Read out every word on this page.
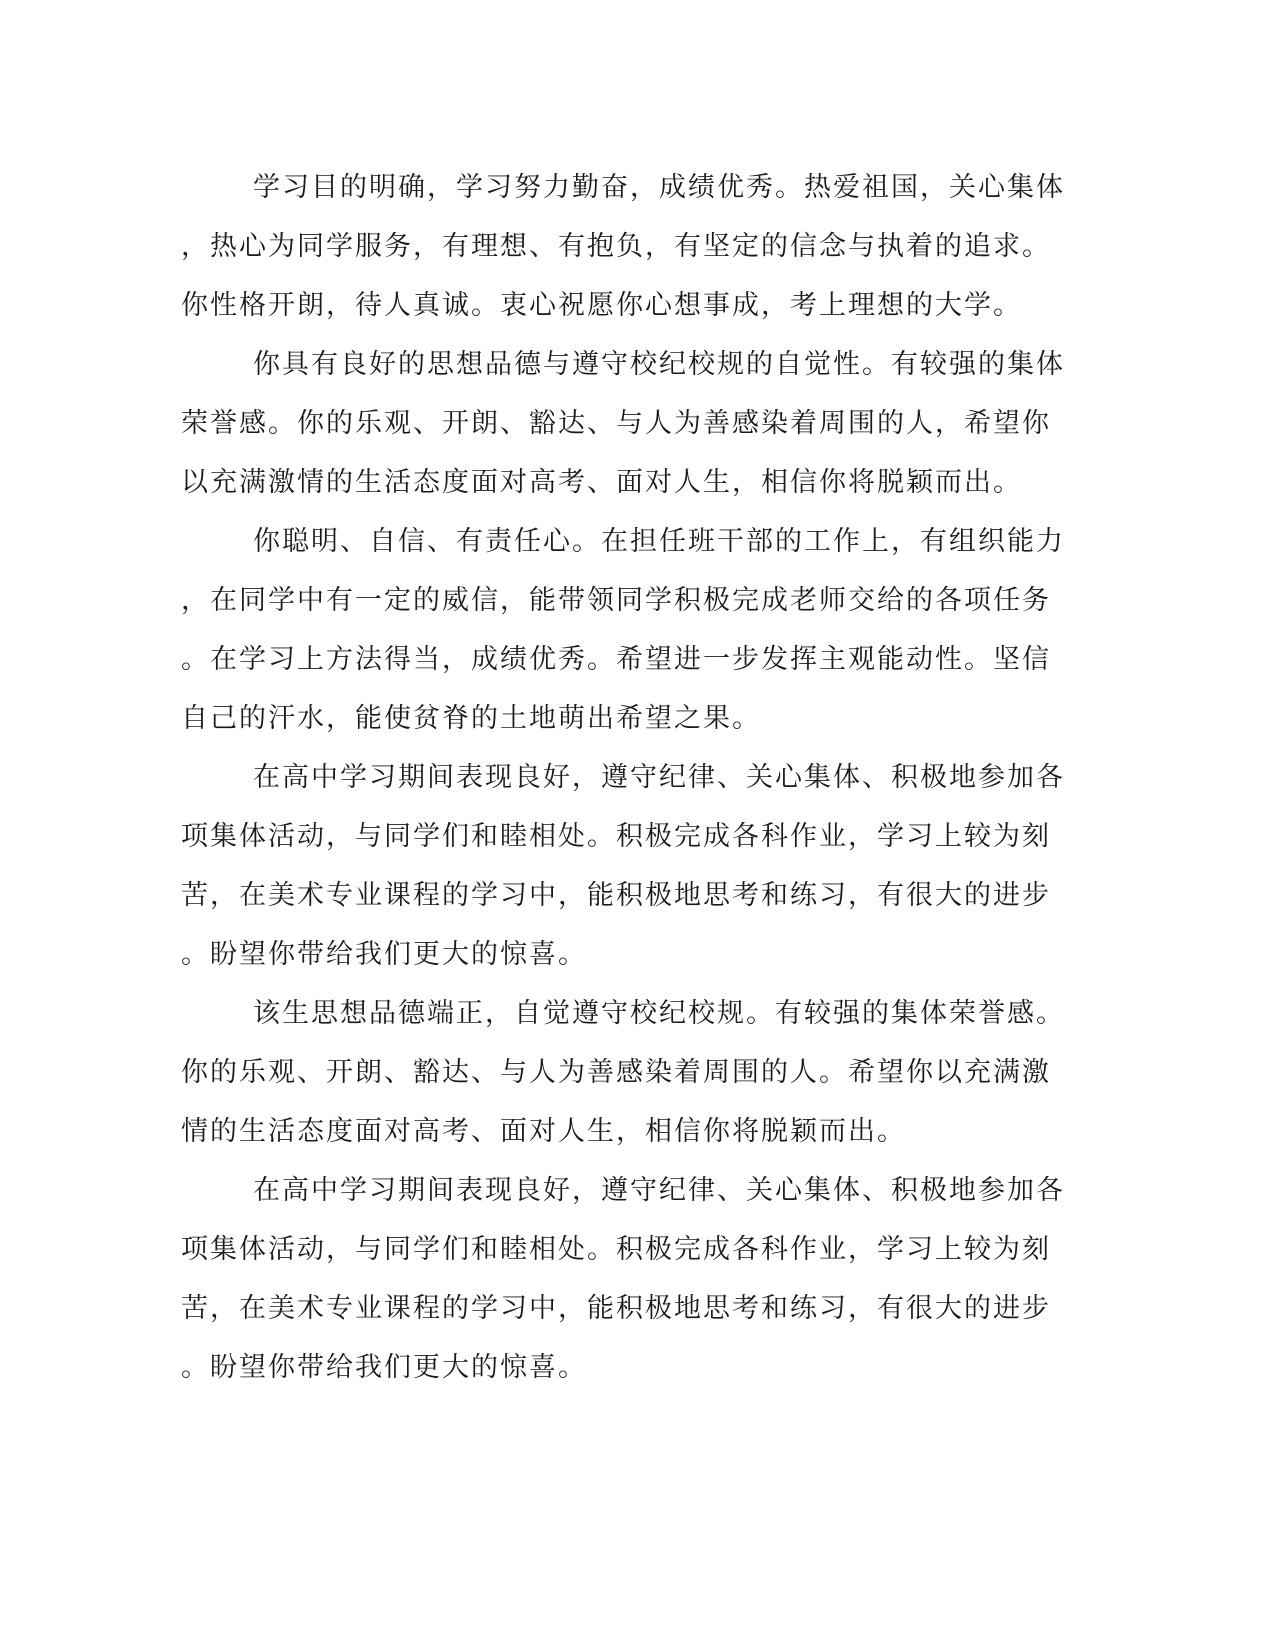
学习目的明确，学习努力勤奋，成绩优秀。热爱祖国，关心集体
，热心为同学服务，有理想、有抱负，有坚定的信念与执着的追求。
你性格开朗，待人真诚。衷心祝愿你心想事成，考上理想的大学。
你具有良好的思想品德与遵守校纪校规的自觉性。有较强的集体
荣誉感。你的乐观、开朗、豁达、与人为善感染着周围的人，希望你
以充满激情的生活态度面对高考、面对人生，相信你将脱颖而出。
你聪明、自信、有责任心。在担任班干部的工作上，有组织能力
，在同学中有一定的威信，能带领同学积极完成老师交给的各项任务
。在学习上方法得当，成绩优秀。希望进一步发挥主观能动性。坚信
自己的汗水，能使贫脊的土地萌出希望之果。
在高中学习期间表现良好，遵守纪律、关心集体、积极地参加各
项集体活动，与同学们和睦相处。积极完成各科作业，学习上较为刻
苦，在美术专业课程的学习中，能积极地思考和练习，有很大的进步
。盼望你带给我们更大的惊喜。
该生思想品德端正，自觉遵守校纪校规。有较强的集体荣誉感。
你的乐观、开朗、豁达、与人为善感染着周围的人。希望你以充满激
情的生活态度面对高考、面对人生，相信你将脱颖而出。
在高中学习期间表现良好，遵守纪律、关心集体、积极地参加各
项集体活动，与同学们和睦相处。积极完成各科作业，学习上较为刻
苦，在美术专业课程的学习中，能积极地思考和练习，有很大的进步
。盼望你带给我们更大的惊喜。
